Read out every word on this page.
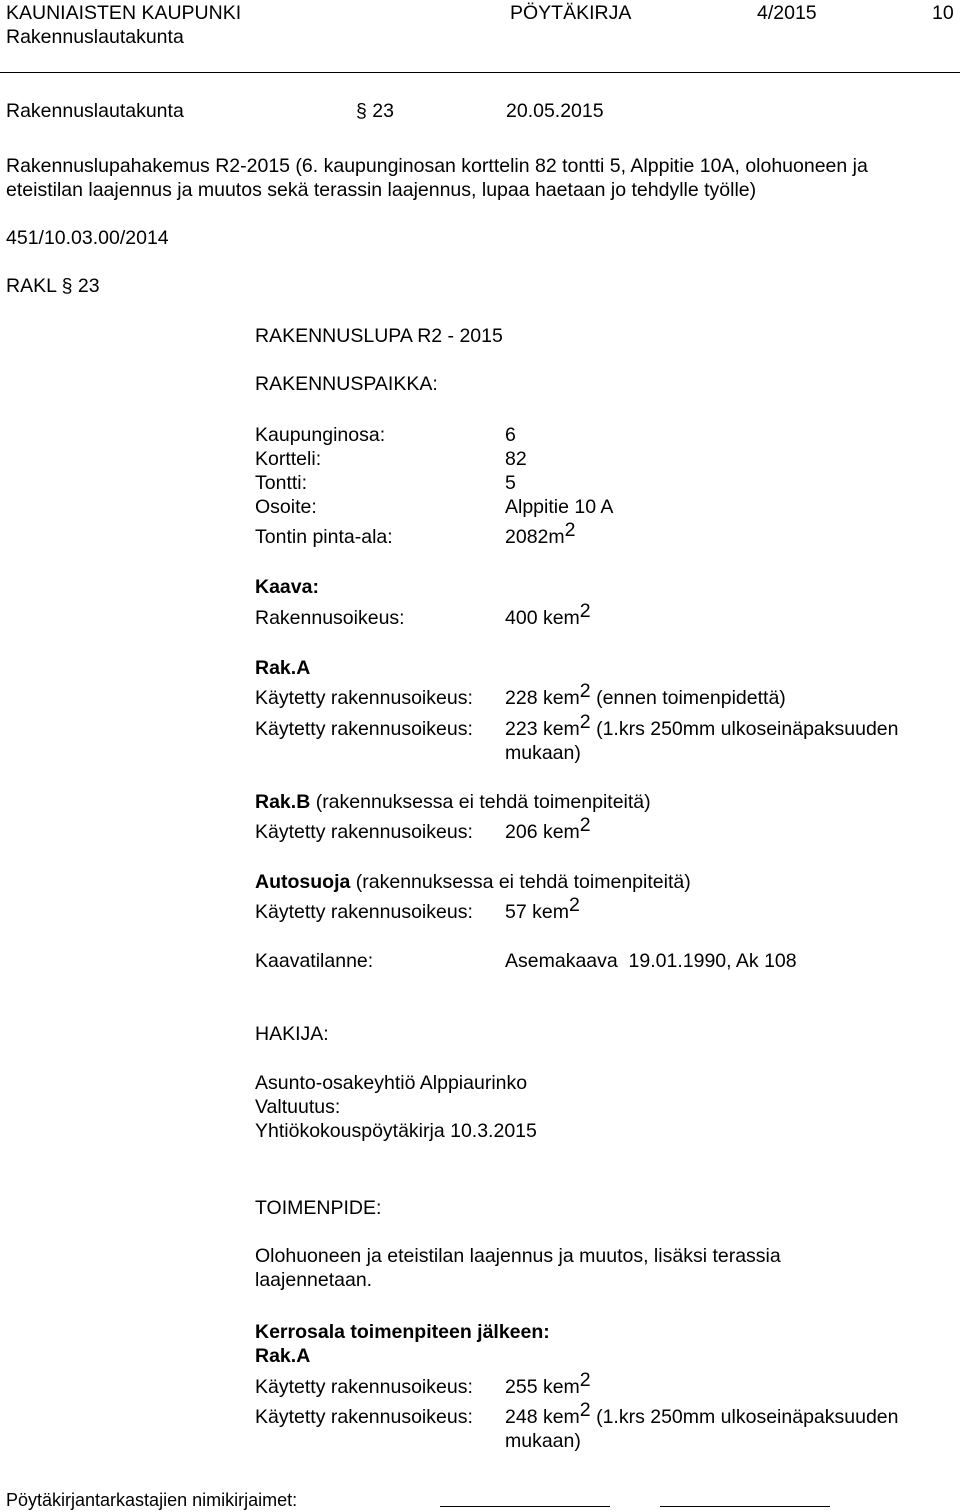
KAUNIAISTEN KAUPUNKI	PÖYTÄKIRJA	4/2015	10
Rakennuslautakunta
Rakennuslautakunta	§ 23	20.05.2015
Rakennuslupahakemus R2-2015 (6. kaupunginosan korttelin 82 tontti 5, Alppitie 10A, olohuoneen ja
eteistilan laajennus ja muutos sekä terassin laajennus, lupaa haetaan jo tehdylle työlle)
451/10.03.00/2014
RAKL § 23
RAKENNUSLUPA R2 - 2015
RAKENNUSPAIKKA:
Kaupunginosa:	6
Kortteli:	82
Tontti:	5
Osoite:	Alppitie 10 A
Tontin pinta-ala:	$2082m^2$
Kaava:
Rakennusoikeus:	400 kem$^2$
Rak.A
Käytetty rakennusoikeus: 228 kem$^2$ (ennen toimenpidettä)
Käytetty rakennusoikeus: 223 kem$^2$ (1.krs 250mm ulkoseinäpaksuuden
mukaan)
Rak.B (rakennuksessa ei tehdä toimenpiteitä)
Käytetty rakennusoikeus: 206 kem$^2$
Autosuoja (rakennuksessa ei tehdä toimenpiteitä)
Käytetty rakennusoikeus: 57 kem$^2$
Kaavatilanne:	Asemakaava  19.01.1990, Ak 108
HAKIJA:
Asunto-osakeyhtiö Alppiaurinko
Valtuutus:
Yhtiökokouspöytäkirja 10.3.2015
TOIMENPIDE:
Olohuoneen ja eteistilan laajennus ja muutos, lisäksi terassia
laajennetaan.
Kerrosala toimenpiteen jälkeen:
Rak.A
Käytetty rakennusoikeus: 255 kem$^2$
Käytetty rakennusoikeus: 248 kem$^2$ (1.krs 250mm ulkoseinäpaksuuden
mukaan)
Pöytäkirjantarkastajien nimikirjaimet:
